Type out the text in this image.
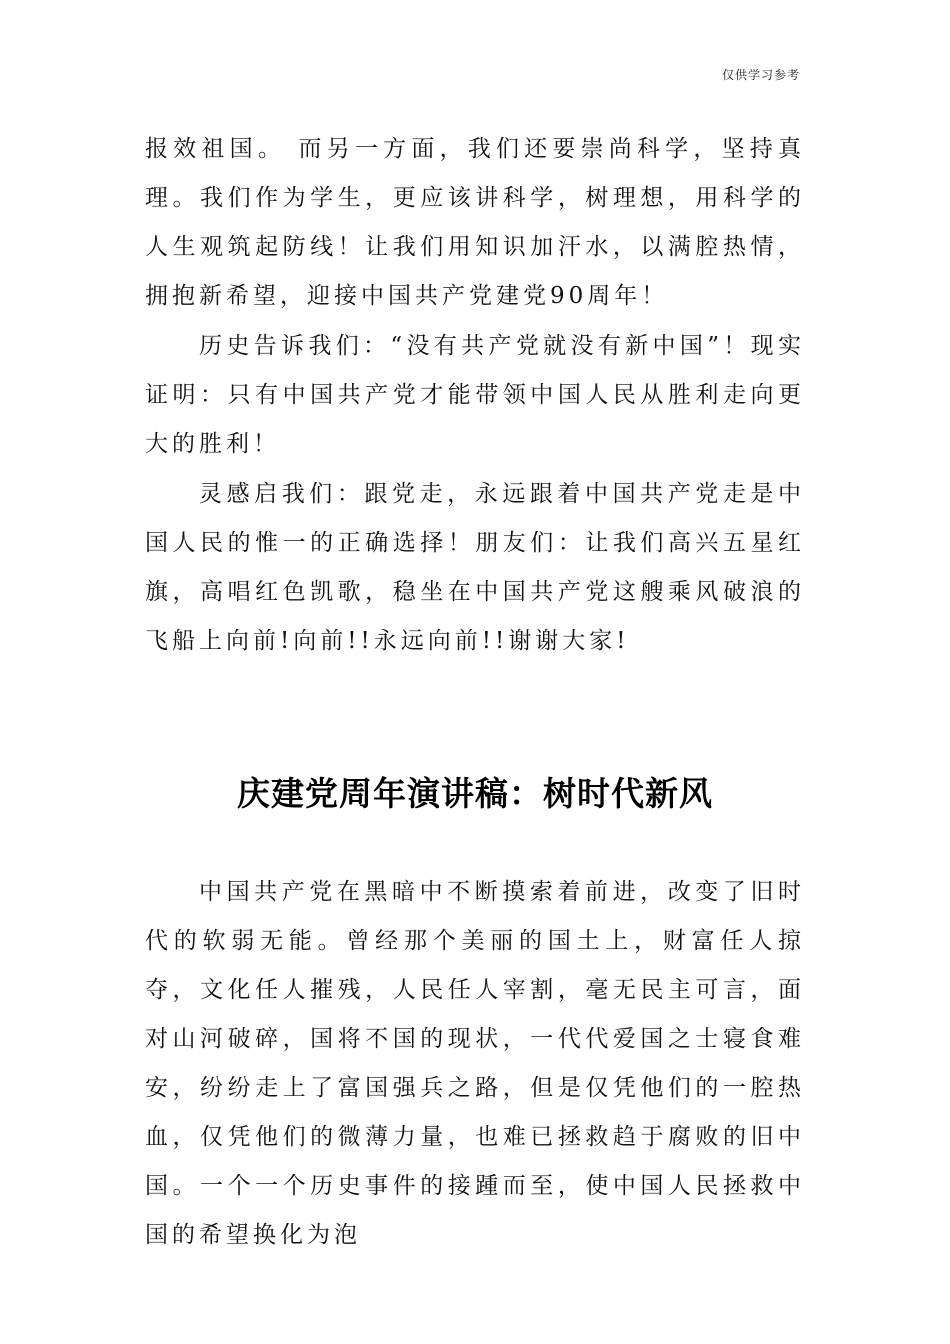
仅供学习参考

报效祖国。 而另一方面，我们还要崇尚科学，坚持真理。我们作为学生，更应该讲科学，树理想，用科学的人生观筑起防线！让我们用知识加汗水，以满腔热情，拥抱新希望，迎接中国共产党建党90周年！

历史告诉我们：“没有共产党就没有新中国”！现实证明：只有中国共产党才能带领中国人民从胜利走向更大的胜利！

灵感启我们：跟党走，永远跟着中国共产党走是中国人民的惟一的正确选择！朋友们：让我们高兴五星红旗，高唱红色凯歌，稳坐在中国共产党这艘乘风破浪的飞船上向前!向前!!永远向前!!谢谢大家!

庆建党周年演讲稿：树时代新风

中国共产党在黑暗中不断摸索着前进，改变了旧时代的软弱无能。曾经那个美丽的国土上，财富任人掠夺，文化任人摧残，人民任人宰割，毫无民主可言，面对山河破碎，国将不国的现状，一代代爱国之士寝食难安，纷纷走上了富国强兵之路，但是仅凭他们的一腔热血，仅凭他们的微薄力量，也难已拯救趋于腐败的旧中国。一个一个历史事件的接踵而至，使中国人民拯救中国的希望换化为泡
